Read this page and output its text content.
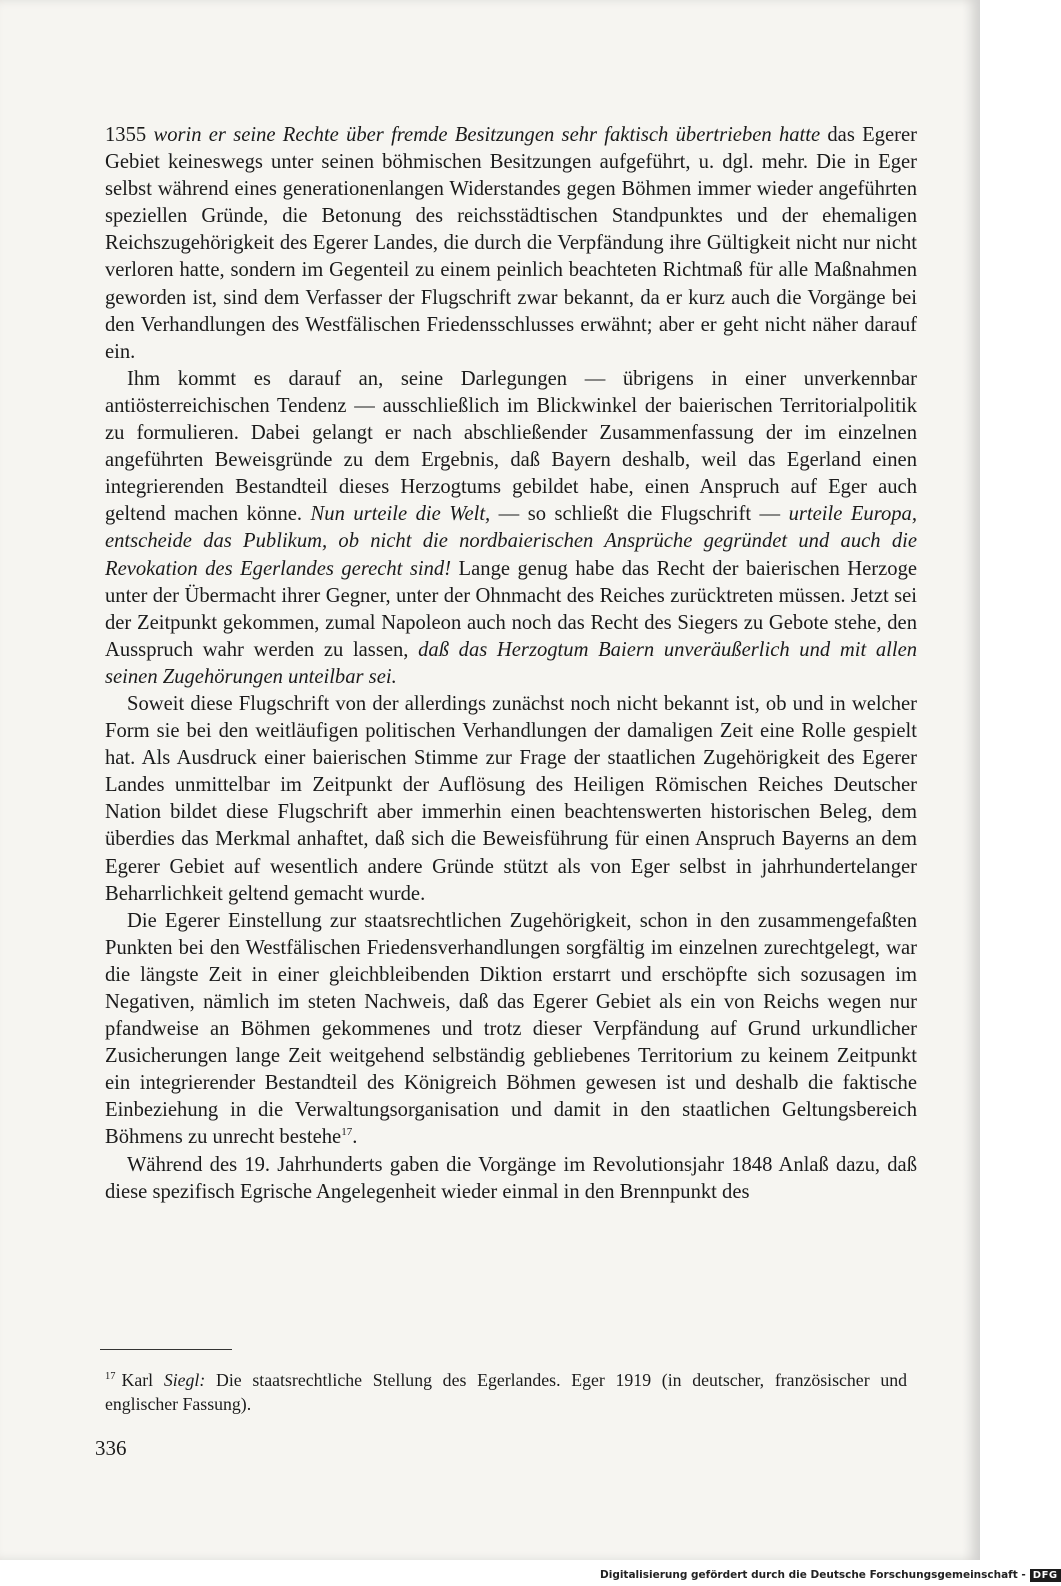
1355 worin er seine Rechte über fremde Besitzungen sehr faktisch übertrieben hatte das Egerer Gebiet keineswegs unter seinen böhmischen Besitzungen aufgeführt, u. dgl. mehr. Die in Eger selbst während eines generationenlangen Widerstandes gegen Böhmen immer wieder angeführten speziellen Gründe, die Betonung des reichsstädtischen Standpunktes und der ehemaligen Reichszugehörigkeit des Egerer Landes, die durch die Verpfändung ihre Gültigkeit nicht nur nicht verloren hatte, sondern im Gegenteil zu einem peinlich beachteten Richtmaß für alle Maßnahmen geworden ist, sind dem Verfasser der Flugschrift zwar bekannt, da er kurz auch die Vorgänge bei den Verhandlungen des Westfälischen Friedensschlusses erwähnt; aber er geht nicht näher darauf ein.

Ihm kommt es darauf an, seine Darlegungen — übrigens in einer unverkennbar antiösterreichischen Tendenz — ausschließlich im Blickwinkel der baierischen Territorialpolitik zu formulieren. Dabei gelangt er nach abschließender Zusammenfassung der im einzelnen angeführten Beweisgründe zu dem Ergebnis, daß Bayern deshalb, weil das Egerland einen integrierenden Bestandteil dieses Herzogtums gebildet habe, einen Anspruch auf Eger auch geltend machen könne. Nun urteile die Welt, — so schließt die Flugschrift — urteile Europa, entscheide das Publikum, ob nicht die nordbaierischen Ansprüche gegründet und auch die Revokation des Egerlandes gerecht sind! Lange genug habe das Recht der baierischen Herzoge unter der Übermacht ihrer Gegner, unter der Ohnmacht des Reiches zurücktreten müssen. Jetzt sei der Zeitpunkt gekommen, zumal Napoleon auch noch das Recht des Siegers zu Gebote stehe, den Ausspruch wahr werden zu lassen, daß das Herzogtum Baiern unveräußerlich und mit allen seinen Zugehörungen unteilbar sei.

Soweit diese Flugschrift von der allerdings zunächst noch nicht bekannt ist, ob und in welcher Form sie bei den weitläufigen politischen Verhandlungen der damaligen Zeit eine Rolle gespielt hat. Als Ausdruck einer baierischen Stimme zur Frage der staatlichen Zugehörigkeit des Egerer Landes unmittelbar im Zeitpunkt der Auflösung des Heiligen Römischen Reiches Deutscher Nation bildet diese Flugschrift aber immerhin einen beachtenswerten historischen Beleg, dem überdies das Merkmal anhaftet, daß sich die Beweisführung für einen Anspruch Bayerns an dem Egerer Gebiet auf wesentlich andere Gründe stützt als von Eger selbst in jahrhundertelanger Beharrlichkeit geltend gemacht wurde.

Die Egerer Einstellung zur staatsrechtlichen Zugehörigkeit, schon in den zusammengefaßten Punkten bei den Westfälischen Friedensverhandlungen sorgfältig im einzelnen zurechtgelegt, war die längste Zeit in einer gleichbleibenden Diktion erstarrt und erschöpfte sich sozusagen im Negativen, nämlich im steten Nachweis, daß das Egerer Gebiet als ein von Reichs wegen nur pfandweise an Böhmen gekommenes und trotz dieser Verpfändung auf Grund urkundlicher Zusicherungen lange Zeit weitgehend selbständig gebliebenes Territorium zu keinem Zeitpunkt ein integrierender Bestandteil des Königreich Böhmen gewesen ist und deshalb die faktische Einbeziehung in die Verwaltungsorganisation und damit in den staatlichen Geltungsbereich Böhmens zu unrecht bestehe$^{17}$.

Während des 19. Jahrhunderts gaben die Vorgänge im Revolutionsjahr 1848 Anlaß dazu, daß diese spezifisch Egrische Angelegenheit wieder einmal in den Brennpunkt des

$^{17}$ Karl Siegl: Die staatsrechtliche Stellung des Egerlandes. Eger 1919 (in deutscher, französischer und englischer Fassung).
336
Digitalisierung gefördert durch die Deutsche Forschungsgemeinschaft - DFG
